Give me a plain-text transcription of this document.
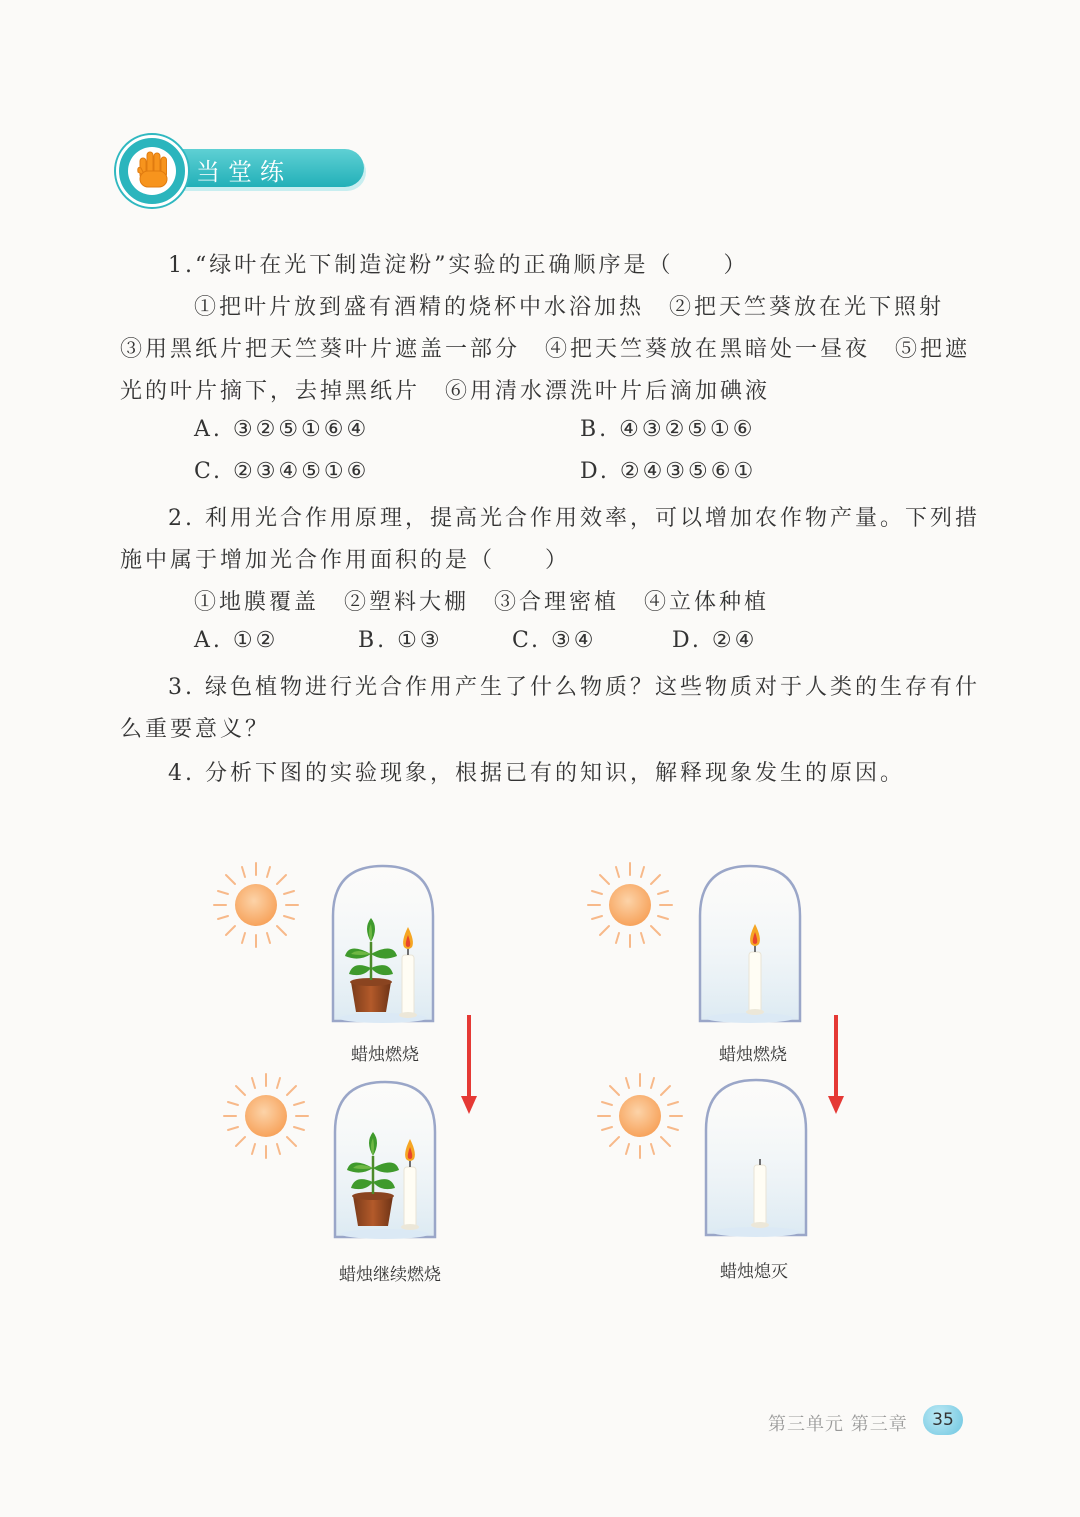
当堂练
1.“绿叶在光下制造淀粉”实验的正确顺序是（　　）
①把叶片放到盛有酒精的烧杯中水浴加热　②把天竺葵放在光下照射
③用黑纸片把天竺葵叶片遮盖一部分　④把天竺葵放在黑暗处一昼夜　⑤把遮
光的叶片摘下，去掉黑纸片　⑥用清水漂洗叶片后滴加碘液
A. ③②⑤①⑥④	B. ④③②⑤①⑥
C. ②③④⑤①⑥	D. ②④③⑤⑥①
2. 利用光合作用原理，提高光合作用效率，可以增加农作物产量。下列措
施中属于增加光合作用面积的是（　　）
①地膜覆盖　②塑料大棚　③合理密植　④立体种植
A. ①②	B. ①③	C. ③④	D. ②④
3. 绿色植物进行光合作用产生了什么物质？这些物质对于人类的生存有什
么重要意义？
4. 分析下图的实验现象，根据已有的知识，解释现象发生的原因。
蜡烛燃烧
蜡烛继续燃烧
蜡烛燃烧
蜡烛熄灭
第三单元 第三章	35
